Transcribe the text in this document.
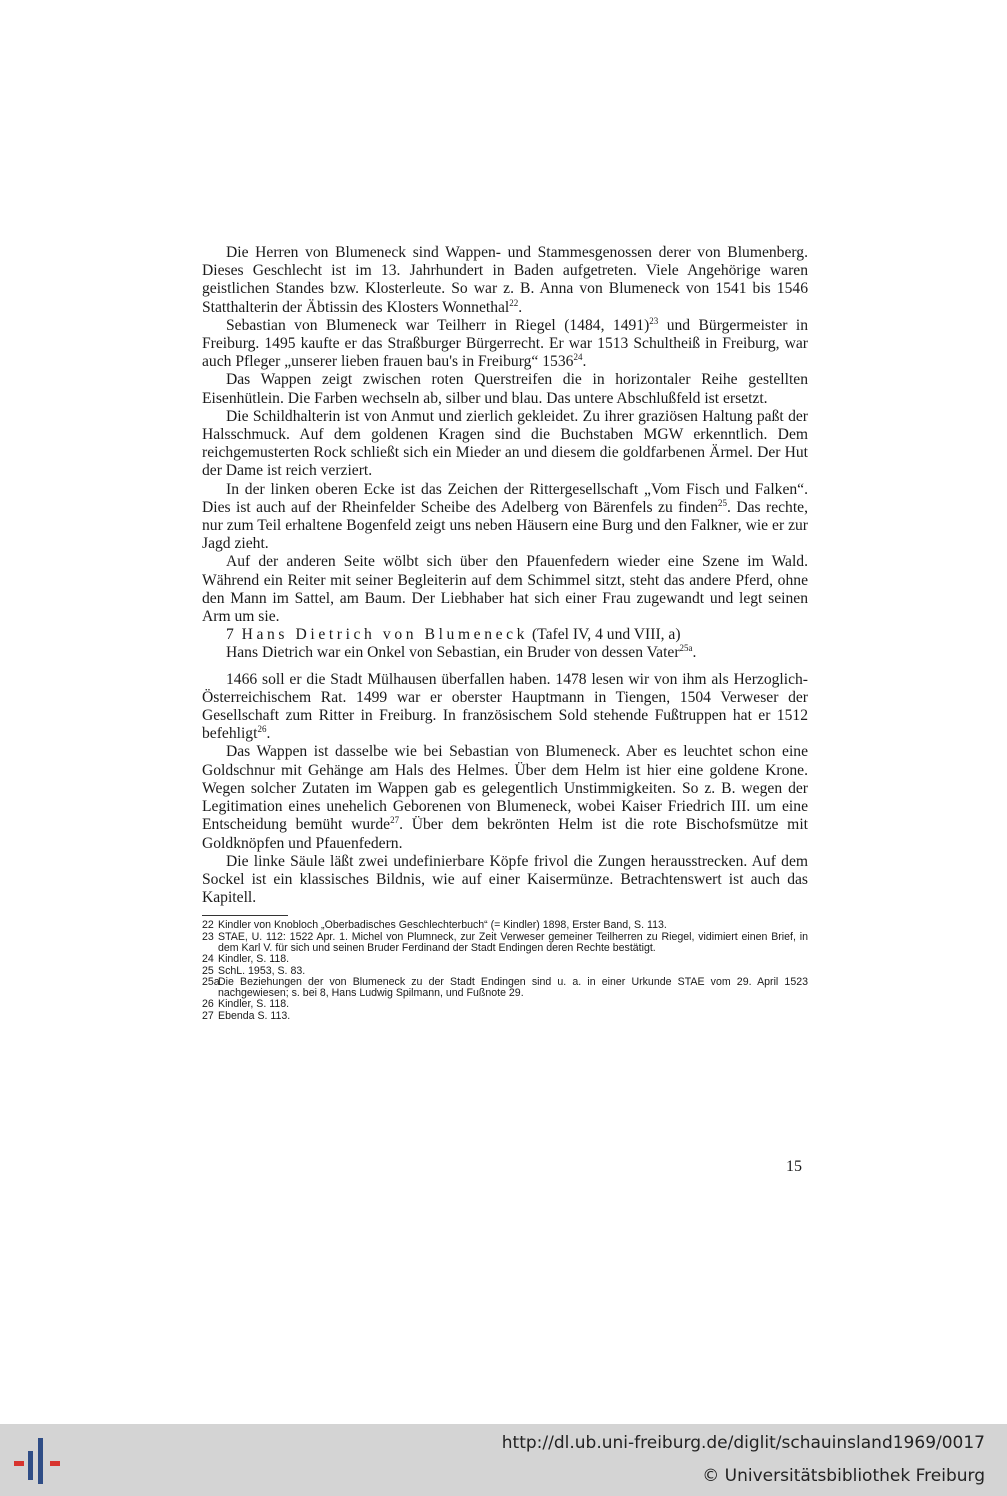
Die Herren von Blumeneck sind Wappen- und Stammesgenossen derer von Blumenberg. Dieses Geschlecht ist im 13. Jahrhundert in Baden aufgetreten. Viele Angehörige waren geistlichen Standes bzw. Klosterleute. So war z. B. Anna von Blumeneck von 1541 bis 1546 Statthalterin der Äbtissin des Klosters Wonnethal$^{22}$.

Sebastian von Blumeneck war Teilherr in Riegel (1484, 1491)$^{23}$ und Bürgermeister in Freiburg. 1495 kaufte er das Straßburger Bürgerrecht. Er war 1513 Schultheiß in Freiburg, war auch Pfleger „unserer lieben frauen bau's in Freiburg“ 1536$^{24}$.

Das Wappen zeigt zwischen roten Querstreifen die in horizontaler Reihe gestellten Eisenhütlein. Die Farben wechseln ab, silber und blau. Das untere Abschlußfeld ist ersetzt.

Die Schildhalterin ist von Anmut und zierlich gekleidet. Zu ihrer graziösen Haltung paßt der Halsschmuck. Auf dem goldenen Kragen sind die Buchstaben MGW erkenntlich. Dem reichgemusterten Rock schließt sich ein Mieder an und diesem die goldfarbenen Ärmel. Der Hut der Dame ist reich verziert.

In der linken oberen Ecke ist das Zeichen der Rittergesellschaft „Vom Fisch und Falken“. Dies ist auch auf der Rheinfelder Scheibe des Adelberg von Bärenfels zu finden$^{25}$. Das rechte, nur zum Teil erhaltene Bogenfeld zeigt uns neben Häusern eine Burg und den Falkner, wie er zur Jagd zieht.

Auf der anderen Seite wölbt sich über den Pfauenfedern wieder eine Szene im Wald. Während ein Reiter mit seiner Begleiterin auf dem Schimmel sitzt, steht das andere Pferd, ohne den Mann im Sattel, am Baum. Der Liebhaber hat sich einer Frau zugewandt und legt seinen Arm um sie.

7 Hans Dietrich von Blumeneck (Tafel IV, 4 und VIII, a)

Hans Dietrich war ein Onkel von Sebastian, ein Bruder von dessen Vater$^{25a}$.

1466 soll er die Stadt Mülhausen überfallen haben. 1478 lesen wir von ihm als Herzoglich-Österreichischem Rat. 1499 war er oberster Hauptmann in Tiengen, 1504 Verweser der Gesellschaft zum Ritter in Freiburg. In französischem Sold stehende Fußtruppen hat er 1512 befehligt$^{26}$.

Das Wappen ist dasselbe wie bei Sebastian von Blumeneck. Aber es leuchtet schon eine Goldschnur mit Gehänge am Hals des Helmes. Über dem Helm ist hier eine goldene Krone. Wegen solcher Zutaten im Wappen gab es gelegentlich Unstimmigkeiten. So z. B. wegen der Legitimation eines unehelich Geborenen von Blumeneck, wobei Kaiser Friedrich III. um eine Entscheidung bemüht wurde$^{27}$. Über dem bekrönten Helm ist die rote Bischofsmütze mit Goldknöpfen und Pfauenfedern.

Die linke Säule läßt zwei undefinierbare Köpfe frivol die Zungen herausstrecken. Auf dem Sockel ist ein klassisches Bildnis, wie auf einer Kaisermünze. Betrachtenswert ist auch das Kapitell.

22 Kindler von Knobloch „Oberbadisches Geschlechterbuch“ (= Kindler) 1898, Erster Band, S. 113.
23 STAE, U. 112: 1522 Apr. 1. Michel von Plumneck, zur Zeit Verweser gemeiner Teilherren zu Riegel, vidimiert einen Brief, in dem Karl V. für sich und seinen Bruder Ferdinand der Stadt Endingen deren Rechte bestätigt.
24 Kindler, S. 118.
25 SchL. 1953, S. 83.
25a
Die Beziehungen der von Blumeneck zu der Stadt Endingen sind u. a. in einer Urkunde STAE vom 29. April 1523 nachgewiesen; s. bei 8, Hans Ludwig Spilmann, und Fußnote 29.
26 Kindler, S. 118.
27 Ebenda S. 113.
15
http://dl.ub.uni-freiburg.de/diglit/schauinsland1969/0017
© Universitätsbibliothek Freiburg
